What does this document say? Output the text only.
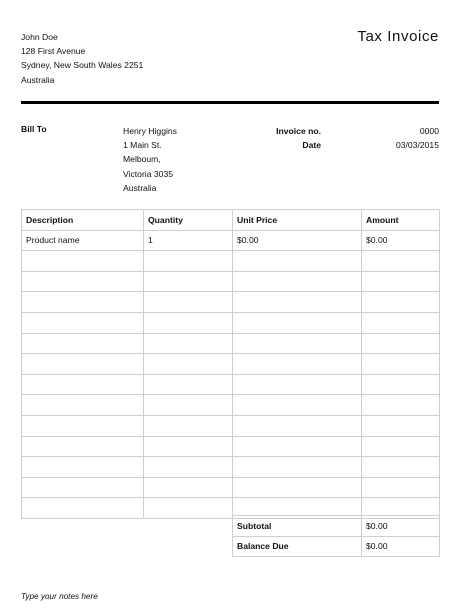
John Doe
128 First Avenue
Sydney, New South Wales 2251
Australia
Tax Invoice
Bill To	Henry Higgins
1 Main St.
Melboum,
Victoria 3035
Australia
Invoice no.	0000
Date	03/03/2015
Description	Quantity	Unit Price	Amount
Product name	1	$0.00	$0.00

Subtotal	$0.00
Balance Due	$0.00
Type your notes here
